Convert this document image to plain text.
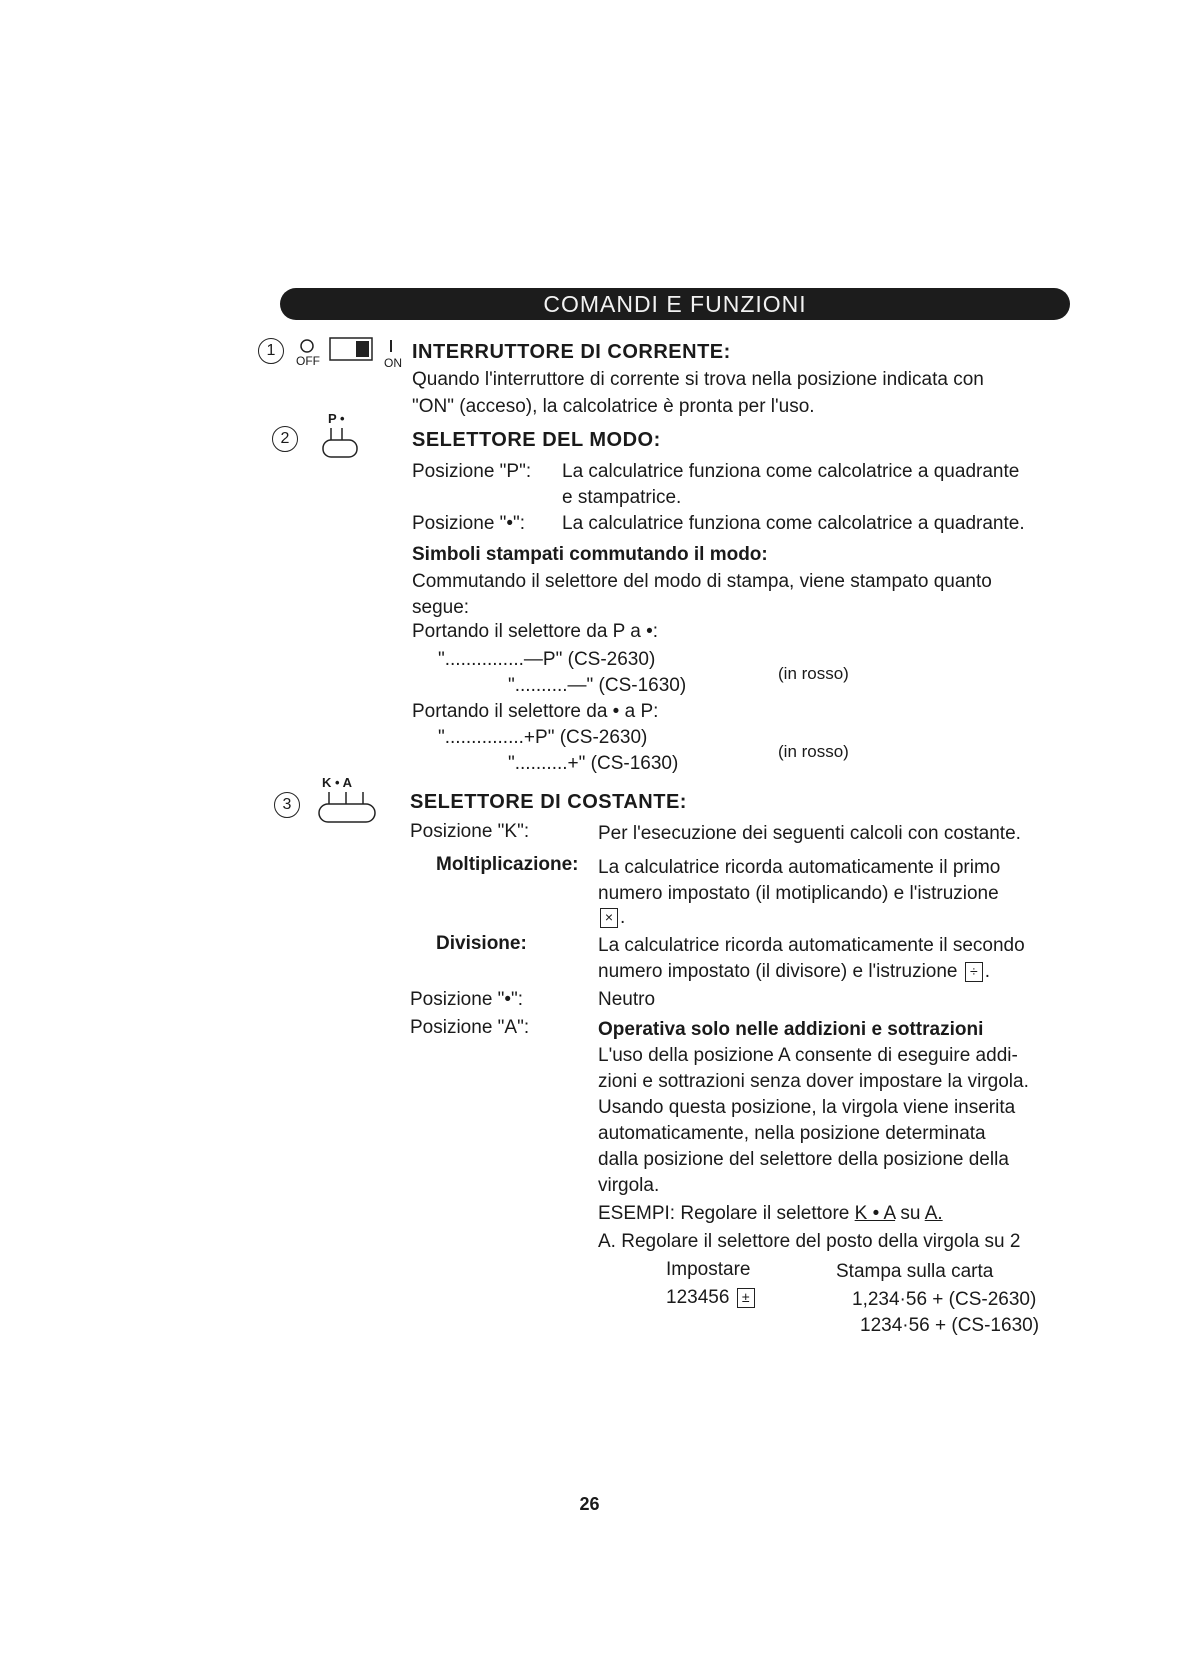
COMANDI E FUNZIONI
1
OFF	ON INTERRUTTORE DI CORRENTE:
Quando l'interruttore di corrente si trova nella posizione indicata con
"ON" (acceso), la calcolatrice è pronta per l'uso.
2
P •
SELETTORE DEL MODO:
Posizione "P": La calculatrice funziona come calcolatrice a quadrante
e stampatrice.
Posizione "•": La calculatrice funziona come calcolatrice a quadrante.
Simboli stampati commutando il modo:
Commutando il selettore del modo di stampa, viene stampato quanto
segue:
Portando il selettore da P a •:
"...............—P" (CS-2630)
"..........—" (CS-1630)
(in rosso)
Portando il selettore da • a P:
"...............+P" (CS-2630)
"..........+" (CS-1630)
(in rosso)
3
K • A
SELETTORE DI COSTANTE:
Posizione "K":	Per l'esecuzione dei seguenti calcoli con costante.
Moltiplicazione: La calculatrice ricorda automaticamente il primo
numero impostato (il motiplicando) e l'istruzione
× .
Divisione:	La calculatrice ricorda automaticamente il secondo
numero impostato (il divisore) e l'istruzione ÷ .
Posizione "•":	Neutro
Posizione "A":	Operativa solo nelle addizioni e sottrazioni
L'uso della posizione A consente di eseguire addi-
zioni e sottrazioni senza dover impostare la virgola.
Usando questa posizione, la virgola viene inserita
automaticamente, nella posizione determinata
dalla posizione del selettore della posizione della
virgola.
ESEMPI: Regolare il selettore K • A su A.
A. Regolare il selettore del posto della virgola su 2
Impostare	Stampa sulla carta
123456 ±	1,234·56 + (CS-2630)
1234·56 + (CS-1630)
26
